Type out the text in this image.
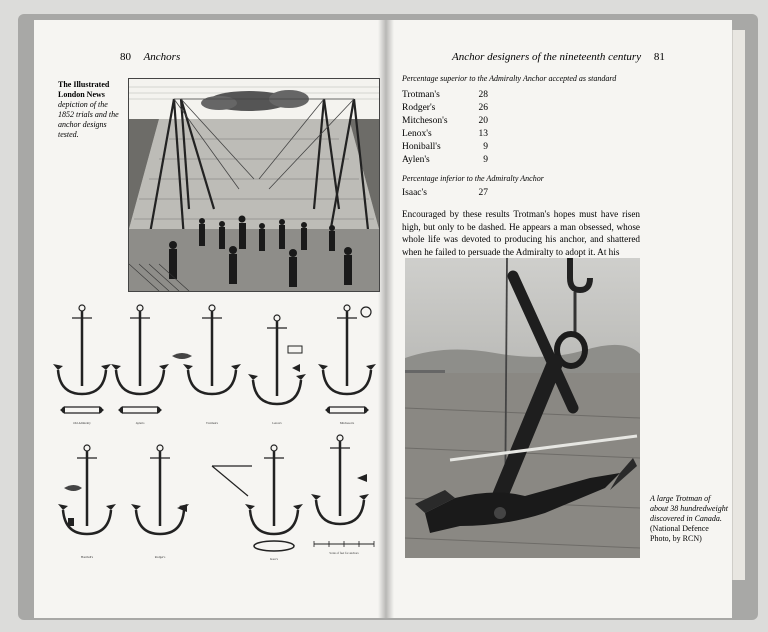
80 Anchors	Anchor designers of the nineteenth century 81
The Illustrated London News depiction of the 1852 trials and the anchor designs tested.
Old Admiralty	Aylen's	Trotman's	Lenox's	Mitcheson's
Honiball's	Rodger's	Isaac's
Scale of feet for anchors
Percentage superior to the Admiralty Anchor accepted as standard
Trotman's	28
Rodger's	26
Mitcheson's	20
Lenox's	13
Honiball's	9
Aylen's	9
Percentage inferior to the Admiralty Anchor
Isaac's	27
Encouraged by these results Trotman's hopes must have risen high, but only to be dashed. He appears a man obsessed, whose whole life was devoted to producing his anchor, and shattered when he failed to persuade the Admiralty to adopt it. At his
A large Trotman of about 38 hundredweight discovered in Canada. (National Defence Photo, by RCN)
